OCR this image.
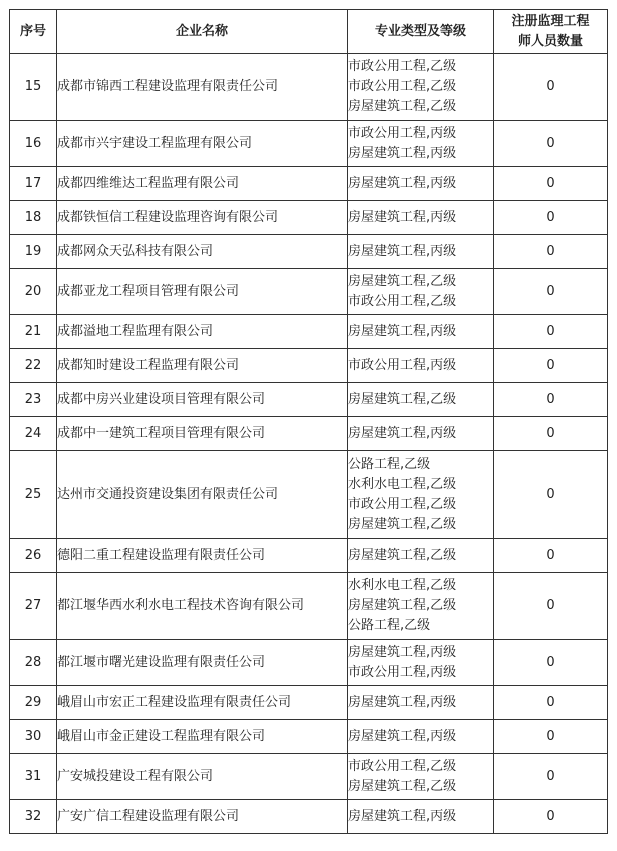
序号	企业名称	专业类型及等级	注册监理工程
师人员数量

15	成都市锦西工程建设监理有限责任公司	市政公用工程,乙级
市政公用工程,乙级
房屋建筑工程,乙级	0
16	成都市兴宇建设工程监理有限公司	市政公用工程,丙级
房屋建筑工程,丙级	0
17	成都四维维达工程监理有限公司	房屋建筑工程,丙级	0
18	成都铁恒信工程建设监理咨询有限公司	房屋建筑工程,丙级	0
19	成都网众天弘科技有限公司	房屋建筑工程,丙级	0
20	成都亚龙工程项目管理有限公司	房屋建筑工程,乙级
市政公用工程,乙级	0
21	成都溢地工程监理有限公司	房屋建筑工程,丙级	0
22	成都知时建设工程监理有限公司	市政公用工程,丙级	0
23	成都中房兴业建设项目管理有限公司	房屋建筑工程,乙级	0
24	成都中一建筑工程项目管理有限公司	房屋建筑工程,丙级	0
25	达州市交通投资建设集团有限责任公司	公路工程,乙级
水利水电工程,乙级
市政公用工程,乙级
房屋建筑工程,乙级	0
26	德阳二重工程建设监理有限责任公司	房屋建筑工程,乙级	0
27	都江堰华西水利水电工程技术咨询有限公司	水利水电工程,乙级
房屋建筑工程,乙级
公路工程,乙级	0
28	都江堰市曙光建设监理有限责任公司	房屋建筑工程,丙级
市政公用工程,丙级	0
29	峨眉山市宏正工程建设监理有限责任公司	房屋建筑工程,丙级	0
30	峨眉山市金正建设工程监理有限公司	房屋建筑工程,丙级	0
31	广安城投建设工程有限公司	市政公用工程,乙级
房屋建筑工程,乙级	0
32	广安广信工程建设监理有限公司	房屋建筑工程,丙级	0
